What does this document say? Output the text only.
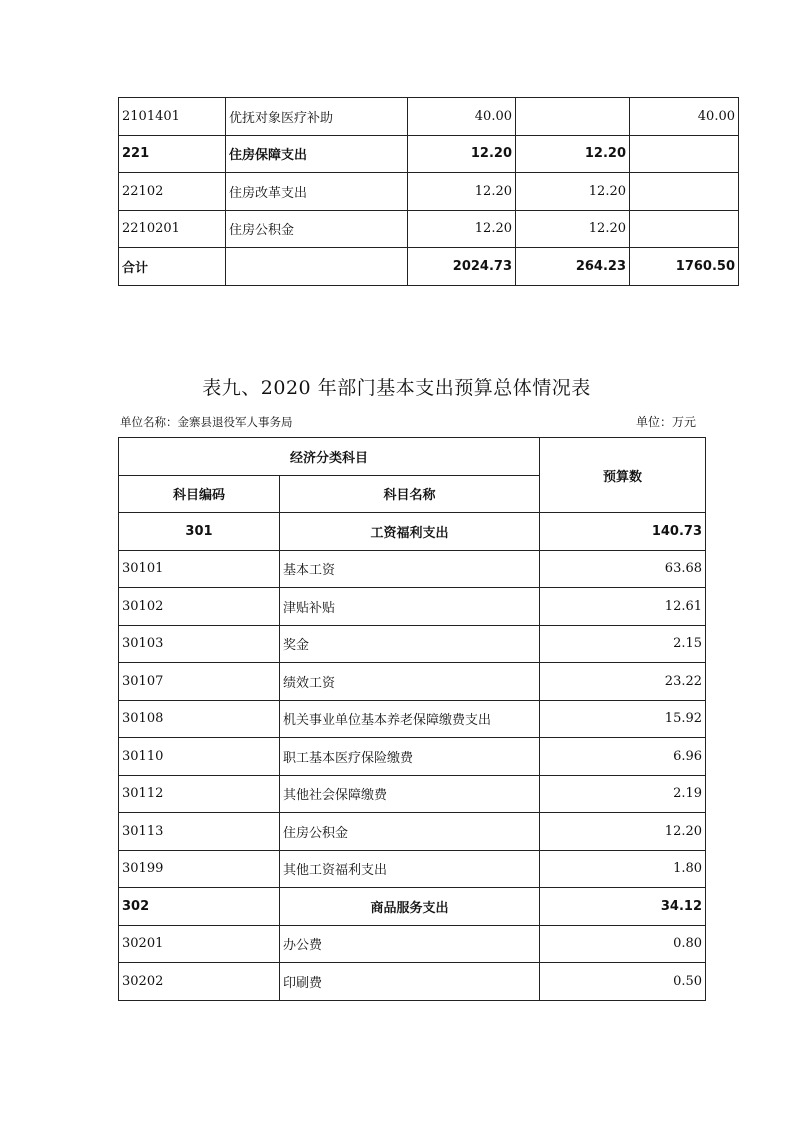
2101401	优抚对象医疗补助	40.00		40.00
221	住房保障支出	12.20	12.20	
22102	住房改革支出	12.20	12.20	
2210201	住房公积金	12.20	12.20	
合计		2024.73	264.23	1760.50
表九、2020 年部门基本支出预算总体情况表
单位名称：金寨县退役军人事务局	单位：万元
经济分类科目		预算数
科目编码	科目名称	
301	工资福利支出	140.73
30101	基本工资	63.68
30102	津贴补贴	12.61
30103	奖金	2.15
30107	绩效工资	23.22
30108	机关事业单位基本养老保障缴费支出	15.92
30110	职工基本医疗保险缴费	6.96
30112	其他社会保障缴费	2.19
30113	住房公积金	12.20
30199	其他工资福利支出	1.80
302	商品服务支出	34.12
30201	办公费	0.80
30202	印刷费	0.50
